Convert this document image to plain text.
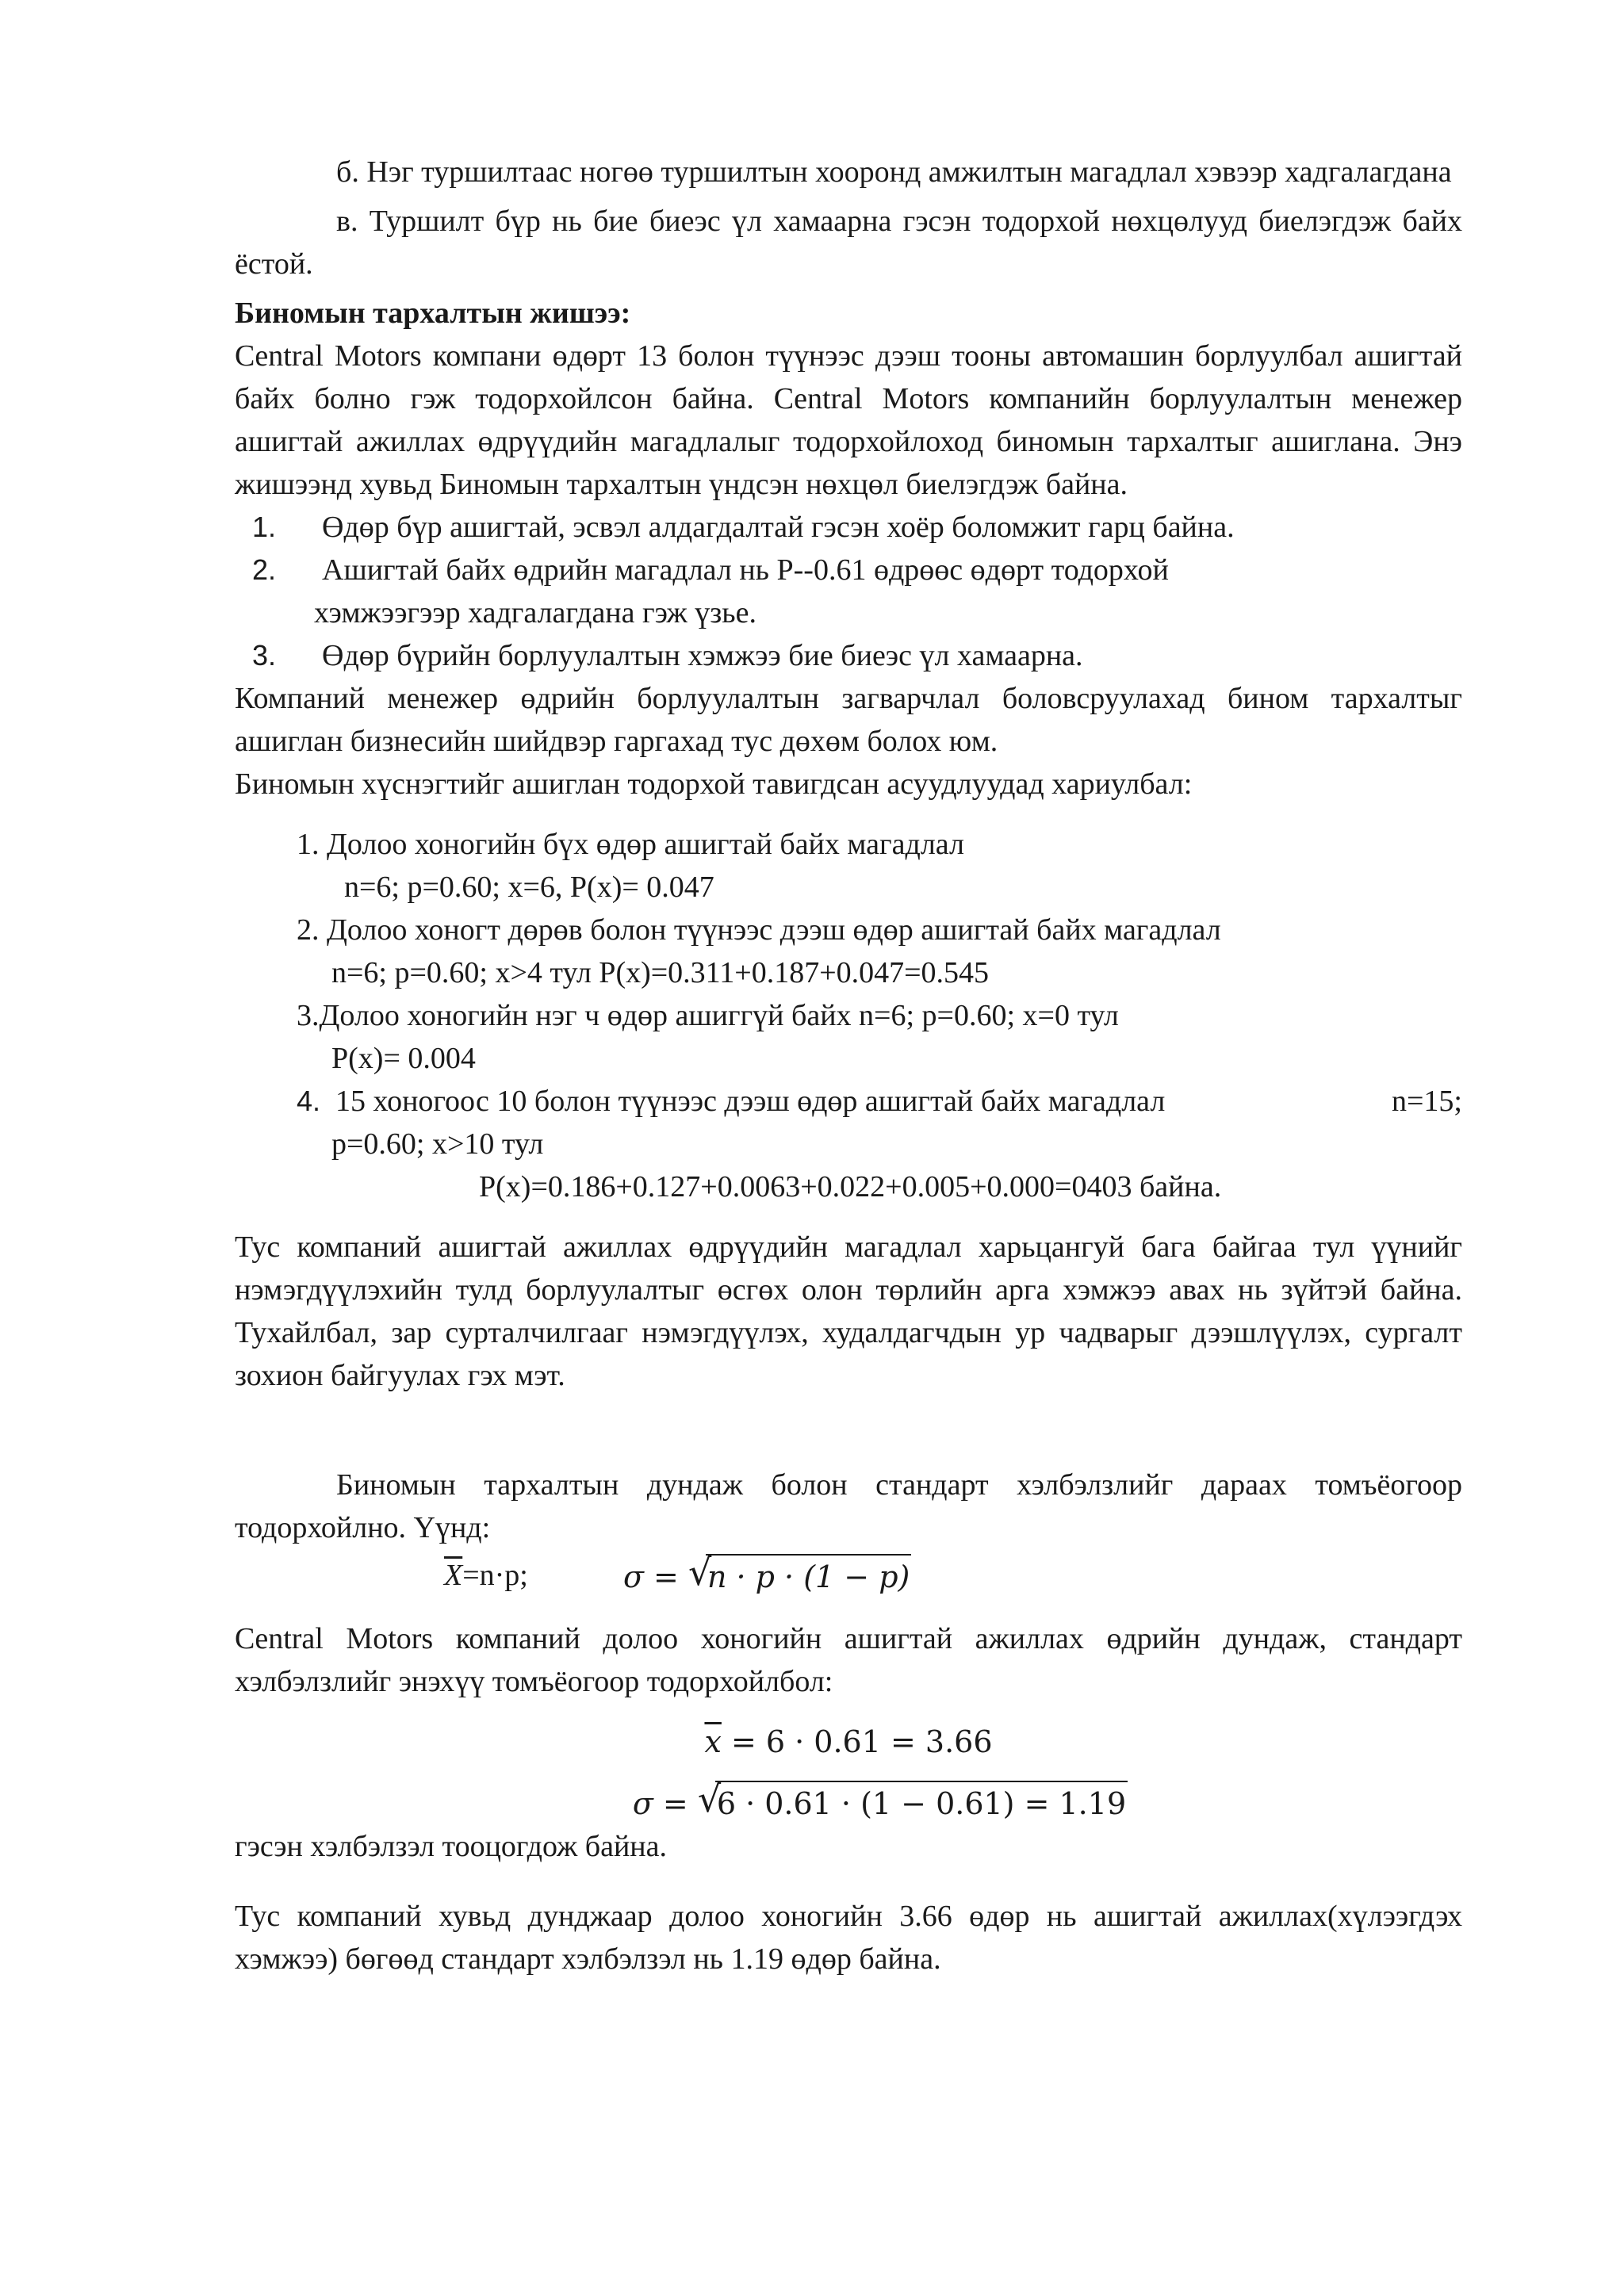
б. Нэг туршилтаас ногөө туршилтын хооронд амжилтын магадлал хэвээр хадгалагдана

в. Туршилт бүр нь бие биеэс үл хамаарна гэсэн тодорхой нөхцөлууд биелэгдэж байх ёстой.

Биномын тархалтын жишээ:

Central Motors компани өдөрт 13 болон түүнээс дээш тооны автомашин борлуулбал ашигтай байх болно гэж тодорхойлсон байна. Central Motors компанийн борлуулалтын менежер ашигтай ажиллах өдрүүдийн магадлалыг тодорхойлоход биномын тархалтыг ашиглана. Энэ жишээнд хувьд Биномын тархалтын үндсэн нөхцөл биелэгдэж байна.

1.	Өдөр бүр ашигтай, эсвэл алдагдалтай гэсэн хоёр боломжит гарц байна.
2.	Ашигтай байх өдрийн магадлал нь P--0.61 өдрөөс өдөрт тодорхой
хэмжээгээр хадгалагдана гэж үзье.
3.	Өдөр бүрийн борлуулалтын хэмжээ бие биеэс үл хамаарна.

Компаний менежер өдрийн борлуулалтын загварчлал боловсруулахад бином тархалтыг ашиглан бизнесийн шийдвэр гаргахад тус дөхөм болох юм.

Биномын хүснэгтийг ашиглан тодорхой тавигдсан асуудлуудад хариулбал:

1. Долоо хоногийн бүх өдөр ашигтай байх магадлал
n=6; p=0.60; x=6, P(x)= 0.047
2. Долоо хоногт дөрөв болон түүнээс дээш өдөр ашигтай байх магадлал
n=6; p=0.60; x>4 тул P(x)=0.311+0.187+0.047=0.545
3.Долоо хоногийн нэг ч өдөр ашиггүй байх n=6; p=0.60; x=0 тул
P(x)= 0.004
4. 15 хоногоос 10 болон түүнээс дээш өдөр ашигтай байх магадлал	n=15;
p=0.60; x>10 тул
P(x)=0.186+0.127+0.0063+0.022+0.005+0.000=0403 байна.

Тус компаний ашигтай ажиллах өдрүүдийн магадлал харьцангуй бага байгаа тул үүнийг нэмэгдүүлэхийн тулд борлуулалтыг өсгөх олон төрлийн арга хэмжээ авах нь зүйтэй байна. Тухайлбал, зар сурталчилгааг нэмэгдүүлэх, худалдагчдын ур чадварыг дээшлүүлэх, сургалт зохион байгуулах гэх мэт.

Биномын тархалтын дундаж болон стандарт хэлбэлзлийг дараах томъёогоор тодорхойлно. Үүнд:

$\overline{X}=n\cdot p$;	σ = √
n · p · (1 − p)

Central Motors компаний долоо хоногийн ашигтай ажиллах өдрийн дундаж, стандарт хэлбэлзлийг энэхүү томъёогоор тодорхойлбол:

$\overline{x} = 6 \cdot 0.61 = 3.66$
σ = √
6 · 0.61 · (1 − 0.61) = 1.19

гэсэн хэлбэлзэл тооцогдож байна.

Тус компаний хувьд дунджаар долоо хоногийн 3.66 өдөр нь ашигтай ажиллах(хүлээгдэх хэмжээ) бөгөөд стандарт хэлбэлзэл нь 1.19 өдөр байна.
